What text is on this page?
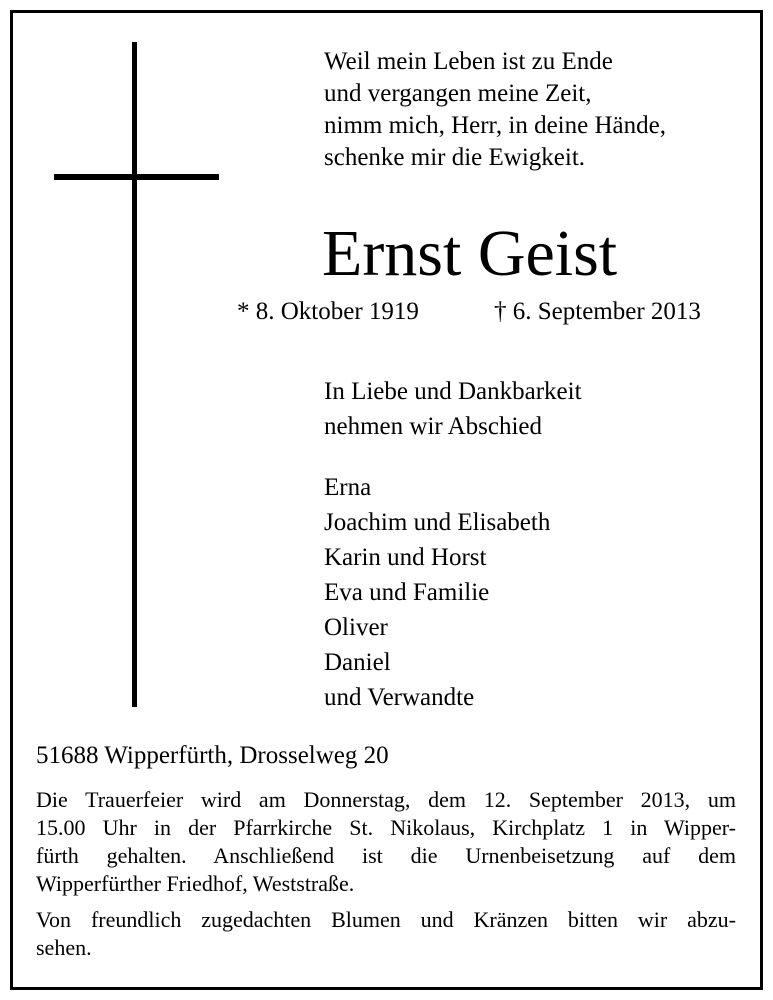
Weil mein Leben ist zu Ende
und vergangen meine Zeit,
nimm mich, Herr, in deine Hände,
schenke mir die Ewigkeit.
Ernst Geist
* 8. Oktober 1919	† 6. September 2013
In Liebe und Dankbarkeit
nehmen wir Abschied
Erna
Joachim und Elisabeth
Karin und Horst
Eva und Familie
Oliver
Daniel
und Verwandte
51688 Wipperfürth, Drosselweg 20
Die Trauerfeier wird am Donnerstag, dem 12. September 2013, um
15.00 Uhr in der Pfarrkirche St. Nikolaus, Kirchplatz 1 in Wipper-
fürth gehalten. Anschließend ist die Urnenbeisetzung auf dem
Wipperfürther Friedhof, Weststraße.
Von freundlich zugedachten Blumen und Kränzen bitten wir abzu-
sehen.
